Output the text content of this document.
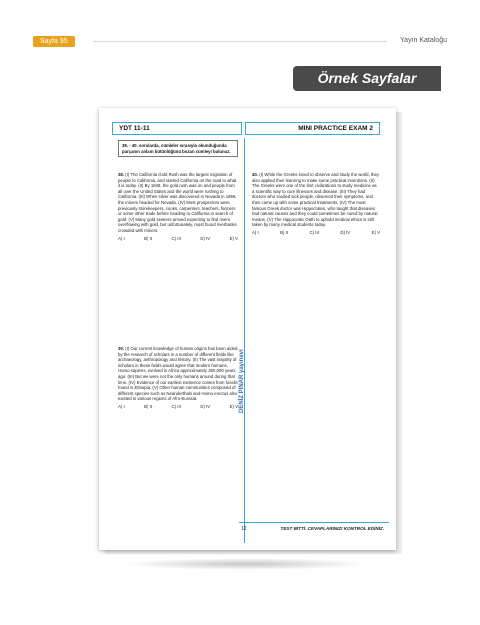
Sayfa 95	Yayın Kataloğu
Örnek Sayfalar
YDT 11-11	MINI PRACTICE EXAM 2
38. - 40. sorularda, cümleler sırasıyla okunduğunda parçanın anlam bütünlüğünü bozan cümleyi bulunuz.
38. (I) The California Gold Rush was the largest migration of people to California, and started California on the road to what it is today. (II) By 1849, the gold rush was on and people from all over the United States and the world were rushing to California. (III) When silver was discovered in Nevada in 1859, the miners headed for Nevada. (IV) Most prospectors were previously storekeepers, cooks, carpenters, teachers, farmers or some other trade before heading to California in search of gold. (V) Many gold seekers arrived expecting to find rivers overflowing with gold, but unfortunately, most found riverbanks crowded with miners.
A) I	B) II	C) III	D) IV	E) V
39. (I) Our current knowledge of human origins has been aided by the research of scholars in a number of different fields like archaeology, anthropology and history. (II) The vast majority of scholars in these fields would agree that modern humans, Homo sapiens, evolved in Africa approximately 300,000 years ago. (III) But we were not the only humans around during that time. (IV) Evidence of our earliest existence comes from fossils found in Ethiopia. (V) Other human communities composed of different species such as Neanderthals and Homo erectus also existed in various regions of Afro-Eurasia.
A) I	B) II	C) III	D) IV	E) V
40. (I) While the Greeks loved to observe and study the world, they also applied their learning to make some practical inventions. (II) The Greeks were one of the first civilizations to study medicine as a scientific way to cure illnesses and disease. (III) They had doctors who studied sick people, observed their symptoms, and then came up with some practical treatments. (IV) The most famous Greek doctor was Hippocrates, who taught that diseases had natural causes and they could sometimes be cured by natural means. (V) The Hippocratic Oath to uphold medical ethics is still taken by many medical students today.
A) I	B) II	C) III	D) IV	E) V
DENİZ PINAR yayınevi
12	TEST BİTTİ. CEVAPLARINIZI KONTROL EDİNİZ.
